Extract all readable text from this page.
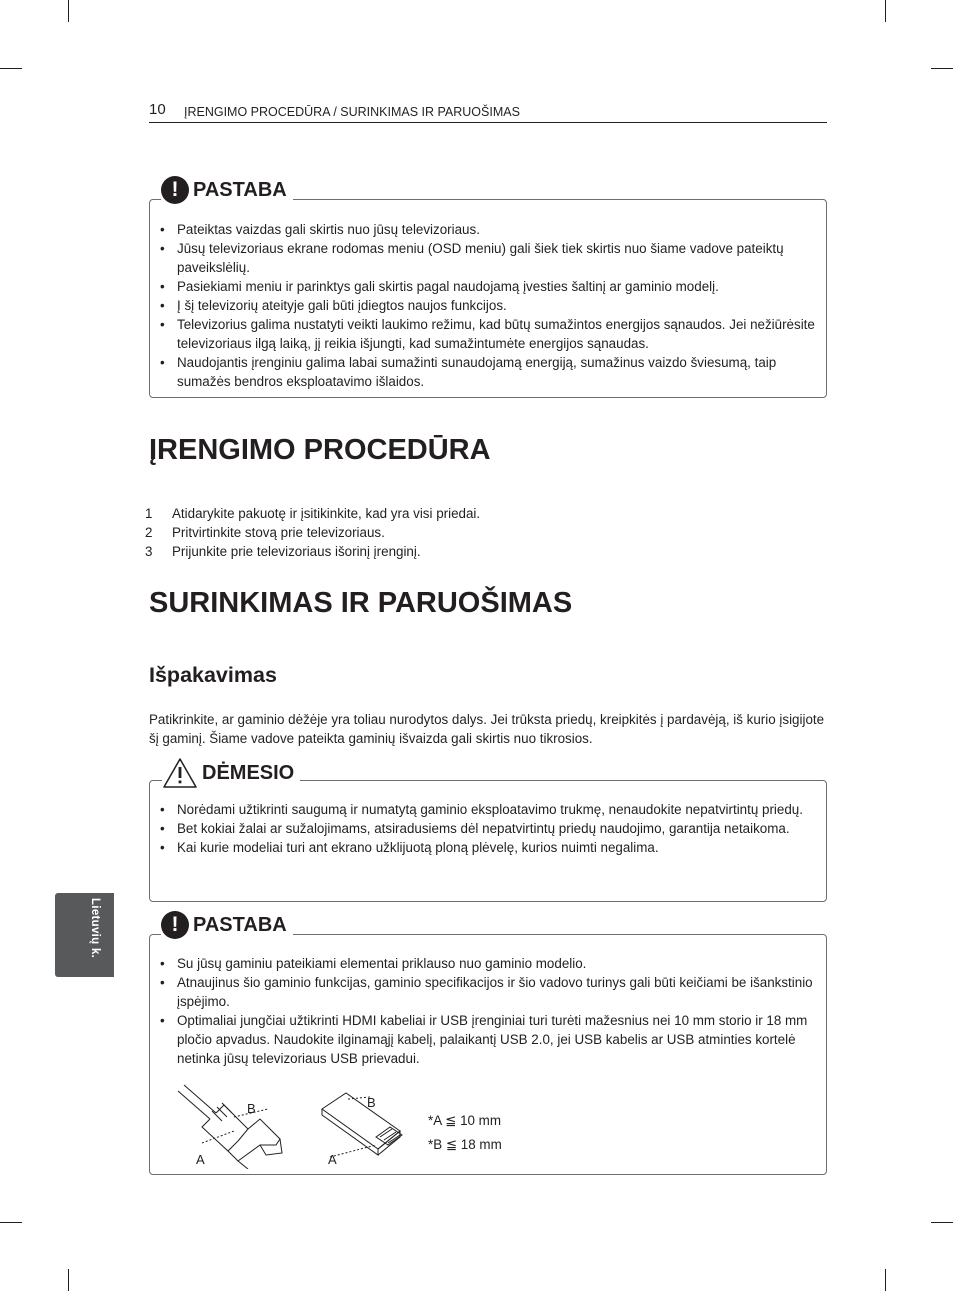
10 ĮRENGIMO PROCEDŪRA / SURINKIMAS IR PARUOŠIMAS
! PASTABA
• Pateiktas vaizdas gali skirtis nuo jūsų televizoriaus.
• Jūsų televizoriaus ekrane rodomas meniu (OSD meniu) gali šiek tiek skirtis nuo šiame vadove pateiktų paveikslėlių.
• Pasiekiami meniu ir parinktys gali skirtis pagal naudojamą įvesties šaltinį ar gaminio modelį.
• Į šį televizorių ateityje gali būti įdiegtos naujos funkcijos.
• Televizorius galima nustatyti veikti laukimo režimu, kad būtų sumažintos energijos sąnaudos. Jei nežiūrėsite televizoriaus ilgą laiką, jį reikia išjungti, kad sumažintumėte energijos sąnaudas.
• Naudojantis įrenginiu galima labai sumažinti sunaudojamą energiją, sumažinus vaizdo šviesumą, taip sumažės bendros eksploatavimo išlaidos.
ĮRENGIMO PROCEDŪRA
1 Atidarykite pakuotę ir įsitikinkite, kad yra visi priedai.
2 Pritvirtinkite stovą prie televizoriaus.
3 Prijunkite prie televizoriaus išorinį įrenginį.
SURINKIMAS IR PARUOŠIMAS
Išpakavimas
Patikrinkite, ar gaminio dėžėje yra toliau nurodytos dalys. Jei trūksta priedų, kreipkitės į pardavėją, iš kurio įsigijote šį gaminį. Šiame vadove pateikta gaminių išvaizda gali skirtis nuo tikrosios.
DĖMESIO
• Norėdami užtikrinti saugumą ir numatytą gaminio eksploatavimo trukmę, nenaudokite nepatvirtintų priedų.
• Bet kokiai žalai ar sužalojimams, atsiradusiems dėl nepatvirtintų priedų naudojimo, garantija netaikoma.
• Kai kurie modeliai turi ant ekrano užklijuotą ploną plėvelę, kurios nuimti negalima.
! PASTABA
• Su jūsų gaminiu pateikiami elementai priklauso nuo gaminio modelio.
• Atnaujinus šio gaminio funkcijas, gaminio specifikacijos ir šio vadovo turinys gali būti keičiami be išankstinio įspėjimo.
• Optimaliai jungčiai užtikrinti HDMI kabeliai ir USB įrenginiai turi turėti mažesnius nei 10 mm storio ir 18 mm pločio apvadus. Naudokite ilginamąjį kabelį, palaikantį USB 2.0, jei USB kabelis ar USB atminties kortelė netinka jūsų televizoriaus USB prievadui.
A
B
A
B
*A ≦ 10 mm
*B ≦ 18 mm
Lietuvių k.
